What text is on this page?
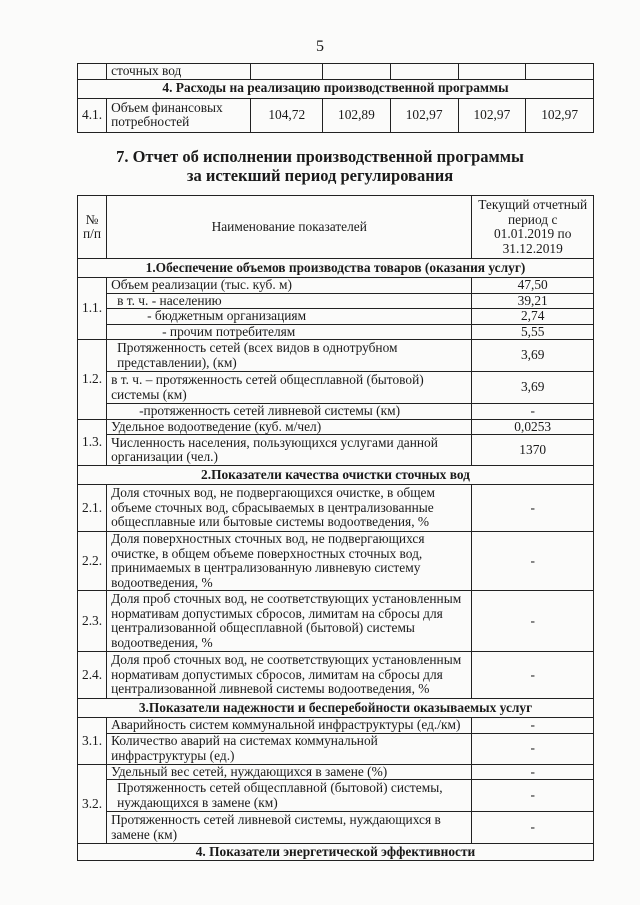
5
	сточных вод					
4. Расходы на реализацию производственной программы						
4.1.	Объем финансовых потребностей	104,72	102,89	102,97	102,97	102,97
7. Отчет об исполнении производственной программы
за истекший период регулирования
№ п/п	Наименование показателей	Текущий отчетный период с 01.01.2019 по 31.12.2019
1.Обеспечение объемов производства товаров (оказания услуг)		
1.1.	Объем реализации (тыс. куб. м)	47,50
	в т. ч. - населению	39,21
	- бюджетным организациям	2,74
	- прочим потребителям	5,55
1.2.	Протяженность сетей (всех видов в однотрубном представлении), (км)	3,69
	в т. ч. – протяженность сетей общесплавной (бытовой) системы (км)	3,69
	-протяженность сетей ливневой системы (км)	-
1.3.	Удельное водоотведение (куб. м/чел)	0,0253
	Численность населения, пользующихся услугами данной организации (чел.)	1370
2.Показатели качества очистки сточных вод		
2.1.	Доля сточных вод, не подвергающихся очистке, в общем объеме сточных вод, сбрасываемых в централизованные общесплавные или бытовые системы водоотведения, %	-
2.2.	Доля поверхностных сточных вод, не подвергающихся очистке, в общем объеме поверхностных сточных вод, принимаемых в централизованную ливневую систему водоотведения, %	-
2.3.	Доля проб сточных вод, не соответствующих установленным нормативам допустимых сбросов, лимитам на сбросы для централизованной общесплавной (бытовой) системы водоотведения, %	-
2.4.	Доля проб сточных вод, не соответствующих установленным нормативам допустимых сбросов, лимитам на сбросы для централизованной ливневой системы водоотведения, %	-
3.Показатели надежности и бесперебойности оказываемых услуг		
3.1.	Аварийность систем коммунальной инфраструктуры (ед./км)	-
	Количество аварий на системах коммунальной инфраструктуры (ед.)	-
3.2.	Удельный вес сетей, нуждающихся в замене (%)	-
	Протяженность сетей общесплавной (бытовой) системы, нуждающихся в замене (км)	-
	Протяженность сетей ливневой системы, нуждающихся в замене (км)	-
4. Показатели энергетической эффективности		
